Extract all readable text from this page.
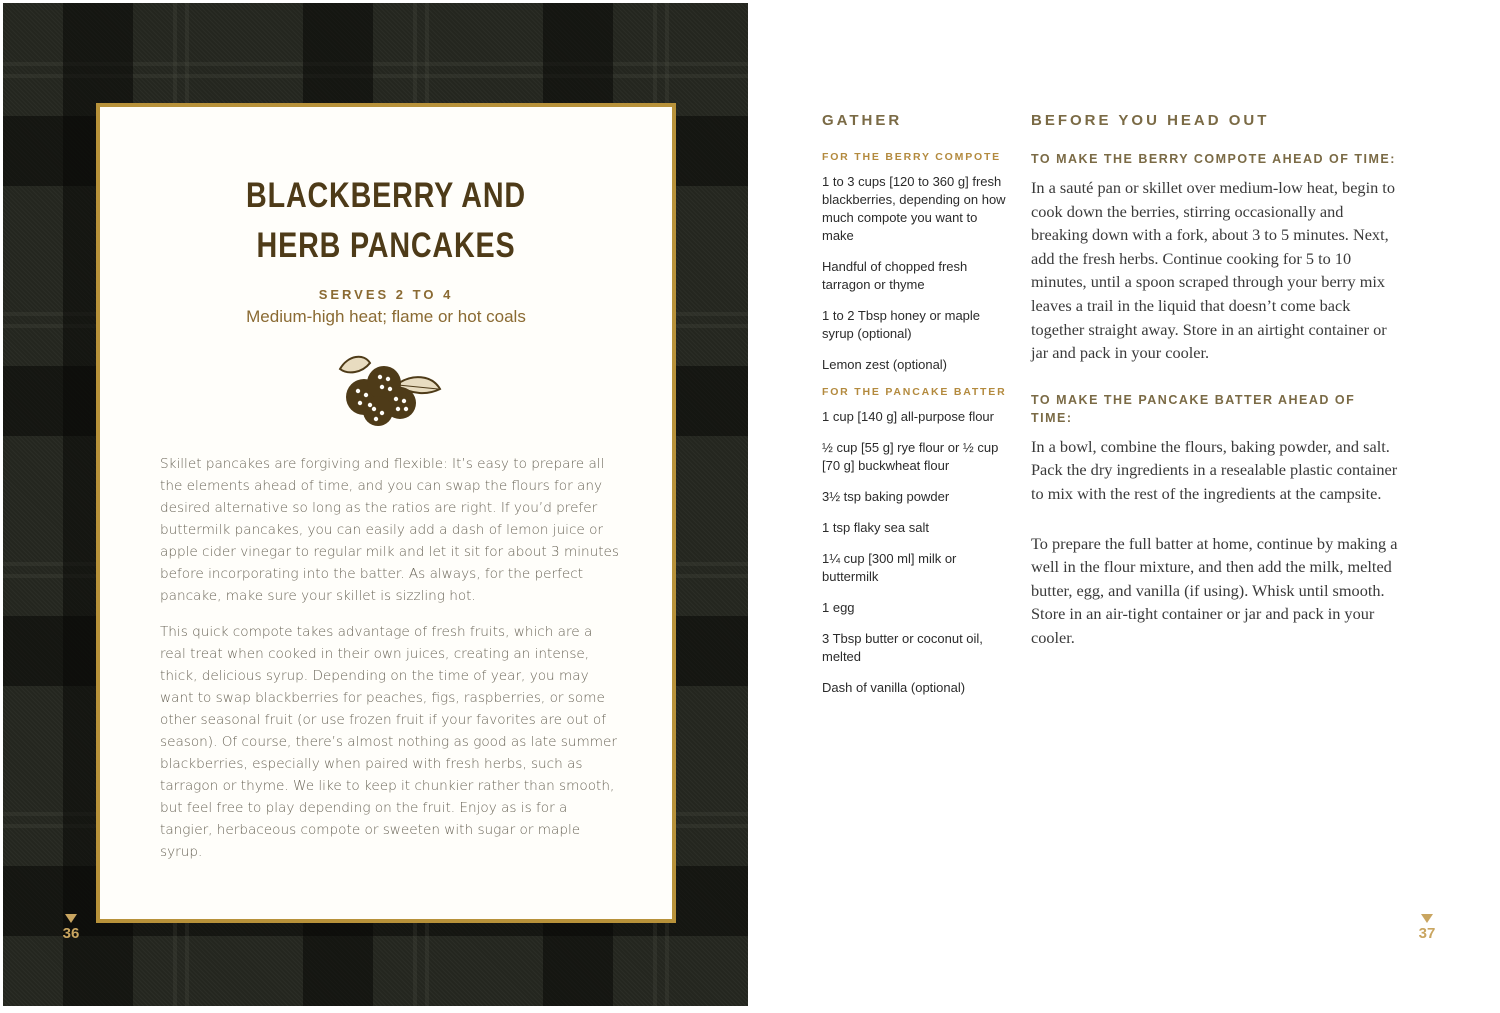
BLACKBERRY AND
HERB PANCAKES
SERVES 2 TO 4
Medium-high heat; flame or hot coals

Skillet pancakes are forgiving and flexible: It’s easy to prepare all the elements ahead of time, and you can swap the flours for any desired alternative so long as the ratios are right. If you’d prefer buttermilk pancakes, you can easily add a dash of lemon juice or apple cider vinegar to regular milk and let it sit for about 3 minutes before incorporating into the batter. As always, for the perfect pancake, make sure your skillet is sizzling hot.

This quick compote takes advantage of fresh fruits, which are a real treat when cooked in their own juices, creating an intense, thick, delicious syrup. Depending on the time of year, you may want to swap blackberries for peaches, figs, raspberries, or some other seasonal fruit (or use frozen fruit if your favorites are out of season). Of course, there’s almost nothing as good as late summer blackberries, especially when paired with fresh herbs, such as tarragon or thyme. We like to keep it chunkier rather than smooth, but feel free to play depending on the fruit. Enjoy as is for a tangier, herbaceous compote or sweeten with sugar or maple syrup.

36
GATHER	BEFORE YOU HEAD OUT

FOR THE BERRY COMPOTE

1 to 3 cups [120 to 360 g] fresh blackberries, depending on how much compote you want to make

Handful of chopped fresh tarragon or thyme

1 to 2 Tbsp honey or maple syrup (optional)

Lemon zest (optional)

FOR THE PANCAKE BATTER

1 cup [140 g] all-purpose flour

½ cup [55 g] rye flour or ½ cup [70 g] buckwheat flour

3½ tsp baking powder

1 tsp flaky sea salt

1¼ cup [300 ml] milk or buttermilk

1 egg

3 Tbsp butter or coconut oil, melted

Dash of vanilla (optional)

TO MAKE THE BERRY COMPOTE AHEAD OF TIME:

In a sauté pan or skillet over medium-low heat, begin to cook down the berries, stirring occasionally and breaking down with a fork, about 3 to 5 minutes. Next, add the fresh herbs. Continue cooking for 5 to 10 minutes, until a spoon scraped through your berry mix leaves a trail in the liquid that doesn’t come back together straight away. Store in an airtight container or jar and pack in your cooler.

TO MAKE THE PANCAKE BATTER AHEAD OF TIME:

In a bowl, combine the flours, baking powder, and salt. Pack the dry ingredients in a resealable plastic container to mix with the rest of the ingredients at the campsite.

To prepare the full batter at home, continue by making a well in the flour mixture, and then add the milk, melted butter, egg, and vanilla (if using). Whisk until smooth. Store in an air-tight container or jar and pack in your cooler.

37
